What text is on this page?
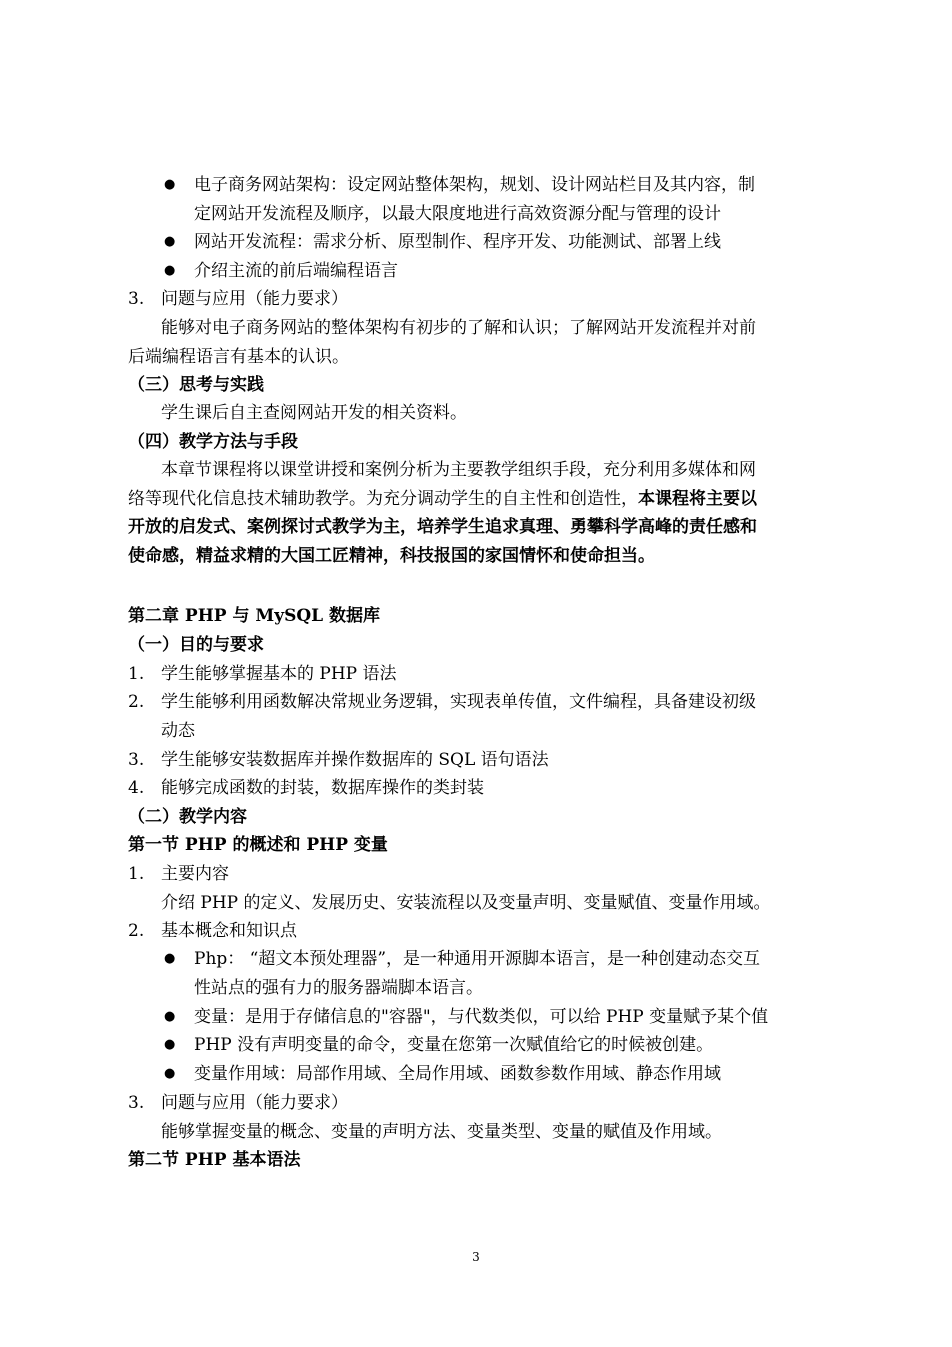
●	电子商务网站架构：设定网站整体架构，规划、设计网站栏目及其内容，制
定网站开发流程及顺序，以最大限度地进行高效资源分配与管理的设计
●	网站开发流程：需求分析、原型制作、程序开发、功能测试、部署上线
●	介绍主流的前后端编程语言
3. 问题与应用（能力要求）
能够对电子商务网站的整体架构有初步的了解和认识；了解网站开发流程并对前
后端编程语言有基本的认识。
（三）思考与实践
学生课后自主查阅网站开发的相关资料。
（四）教学方法与手段
本章节课程将以课堂讲授和案例分析为主要教学组织手段，充分利用多媒体和网
络等现代化信息技术辅助教学。为充分调动学生的自主性和创造性，本课程将主要以
开放的启发式、案例探讨式教学为主，培养学生追求真理、勇攀科学高峰的责任感和
使命感，精益求精的大国工匠精神，科技报国的家国情怀和使命担当。
第二章 PHP 与 MySQL 数据库
（一）目的与要求
1. 学生能够掌握基本的 PHP 语法
2. 学生能够利用函数解决常规业务逻辑，实现表单传值，文件编程，具备建设初级
动态
3. 学生能够安装数据库并操作数据库的 SQL 语句语法
4. 能够完成函数的封装，数据库操作的类封装
（二）教学内容
第一节 PHP 的概述和 PHP 变量
1. 主要内容
介绍 PHP 的定义、发展历史、安装流程以及变量声明、变量赋值、变量作用域。
2. 基本概念和知识点
●	Php： “超文本预处理器”，是一种通用开源脚本语言，是一种创建动态交互
性站点的强有力的服务器端脚本语言。
●	变量：是用于存储信息的"容器"，与代数类似，可以给 PHP 变量赋予某个值
●	PHP 没有声明变量的命令，变量在您第一次赋值给它的时候被创建。
●	变量作用域：局部作用域、全局作用域、函数参数作用域、静态作用域
3. 问题与应用（能力要求）
能够掌握变量的概念、变量的声明方法、变量类型、变量的赋值及作用域。
第二节 PHP 基本语法
3
